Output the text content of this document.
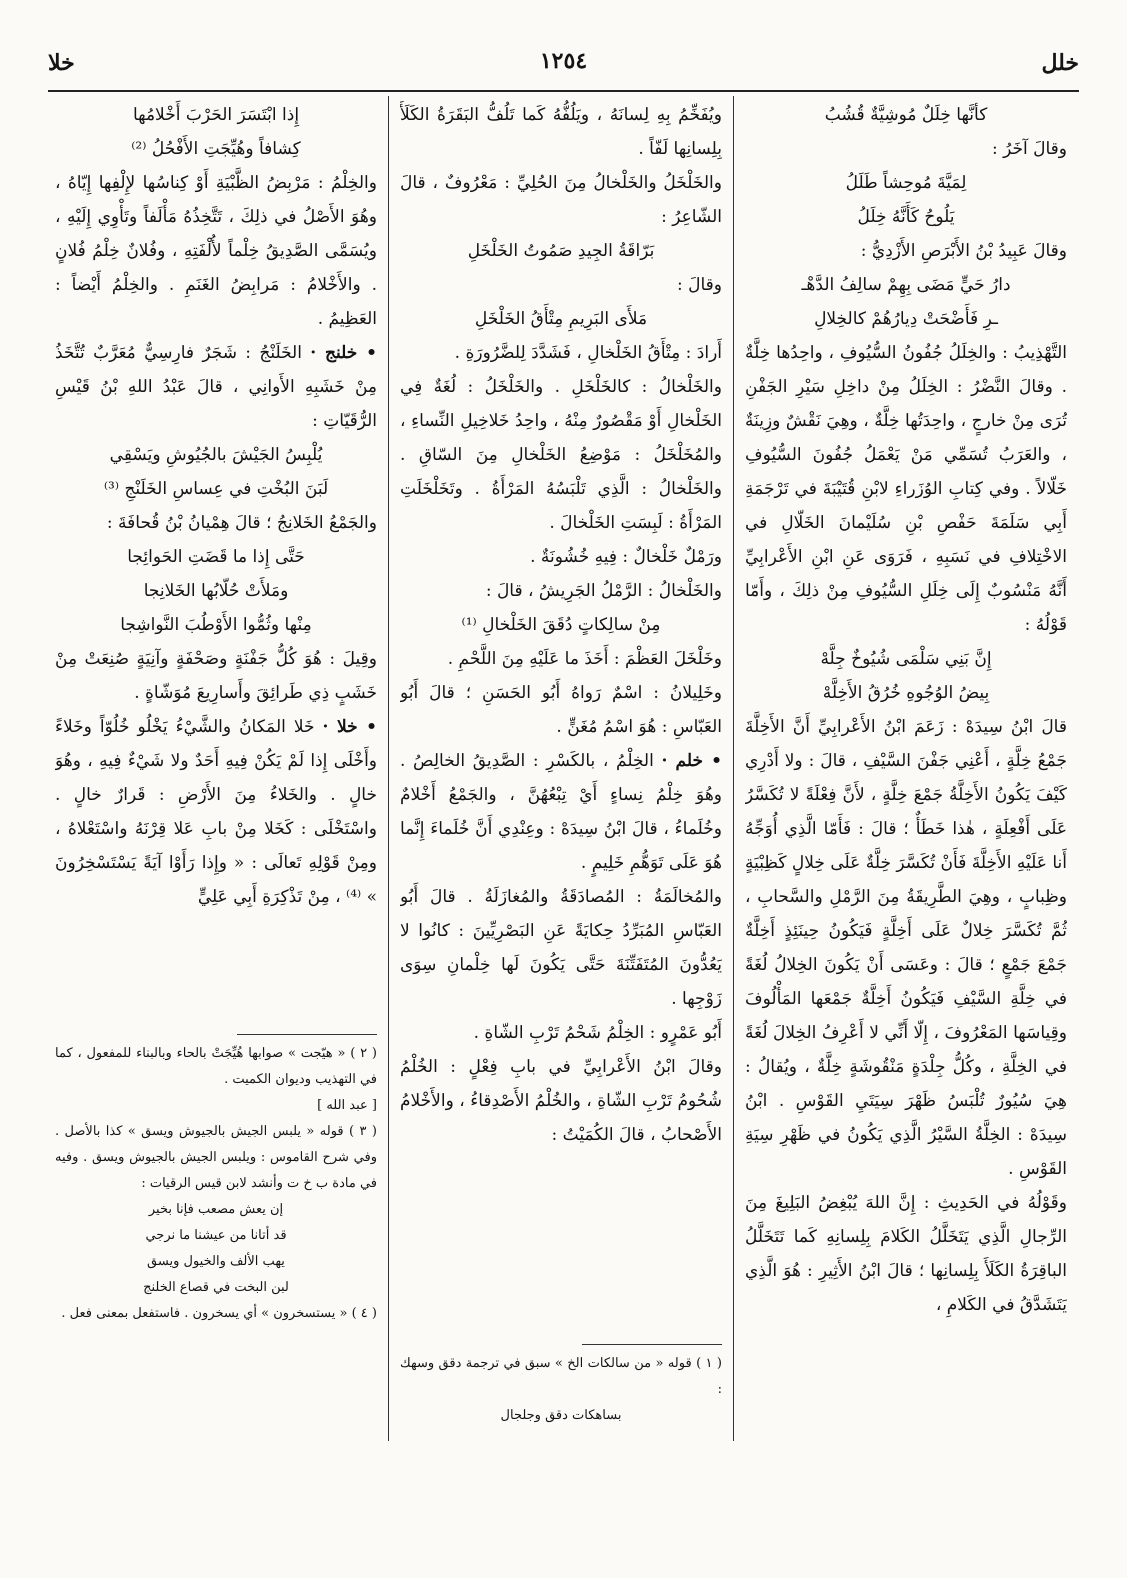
خلل
١٢٥٤
خلا

كأنَّها خِلَلٌ مُوشِيَّةٌ قُشُبُ

وقالَ آخَرُ :

لِمَيَّةَ مُوحِشاً طَلَلُ

يَلُوحُ كَأَنَّهُ خِلَلُ

وقالَ عَبِيدُ بْنُ الأَبْرَصِ الأَزْدِيُّ :

دارُ حَيٍّ مَضَى بِهِمْ سالِفُ الدَّهْـ

ـرِ فَأَضْحَتْ دِيارُهُمْ كالخِلالِ

التَّهْذِيبُ : والخِلَلُ جُفُونُ السُّيُوفِ ، واحِدُها خِلَّةٌ . وقالَ النَّضْرُ : الخِلَلُ مِنْ داخِلِ سَيْرِ الجَفْنِ تُرَى مِنْ خارجٍ ، واحِدَتُها خِلَّةٌ ، وهِيَ نَقْشٌ وزِينَةٌ ، والعَرَبُ تُسَمِّي مَنْ يَعْمَلُ جُفُونَ السُّيُوفِ خَلّالاً . وفي كِتابِ الوُزَراءِ لابْنِ قُتَيْبَةَ في تَرْجَمَةِ أَبِي سَلَمَةَ حَفْصِ بْنِ سُلَيْمانَ الخَلّالِ في الاخْتِلافِ في نَسَبِهِ ، فَرَوَى عَنِ ابْنِ الأَعْرابِيِّ أَنَّهُ مَنْسُوبٌ إِلَى خِلَلِ السُّيُوفِ مِنْ ذلِكَ ، وأَمّا قَوْلُهُ :

إِنَّ بَنِي سَلْمَى شُيُوخٌ جِلَّهْ

بِيضُ الوُجُوهِ خُرُقُ الأَخِلَّهْ

قالَ ابْنُ سِيدَهْ : زَعَمَ ابْنُ الأَعْرابِيِّ أَنَّ الأَخِلَّةَ جَمْعُ خِلَّةٍ ، أَعْنِي جَفْنَ السَّيْفِ ، قالَ : ولا أَدْرِي كَيْفَ يَكُونُ الأَخِلَّةُ جَمْعَ خِلَّةٍ ، لأَنَّ فِعْلَةً لا تُكَسَّرُ عَلَى أَفْعِلَةٍ ، هٰذا خَطَأٌ ؛ قالَ : فَأَمّا الَّذِي أُوَجِّهُ أَنا عَلَيْهِ الأَخِلَّةَ فَأَنْ تُكَسَّرَ خِلَّةٌ عَلَى خِلالٍ كَظِبْيَةٍ وظِبابٍ ، وهِيَ الطَّرِيقَةُ مِنَ الرَّمْلِ والسَّحابِ ، ثُمَّ تُكَسَّرَ خِلالٌ عَلَى أَخِلَّةٍ فَيَكُونُ حِينَئِذٍ أَخِلَّةٌ جَمْعَ جَمْعٍ ؛ قالَ : وعَسَى أَنْ يَكُونَ الخِلالُ لُغَةً في خِلَّةِ السَّيْفِ فَيَكُونُ أَخِلَّةٌ جَمْعَها المَأْلُوفَ وقِياسَها المَعْرُوفَ ، إِلّا أَنِّي لا أَعْرِفُ الخِلالَ لُغَةً في الخِلَّةِ ، وكُلُّ جِلْدَةٍ مَنْقُوشَةٍ خِلَّةٌ ، ويُقالُ : هِيَ سُيُورٌ تُلْبَسُ ظَهْرَ سِيَتَيِ القَوْسِ . ابْنُ سِيدَهْ : الخِلَّةُ السَّيْرُ الَّذِي يَكُونُ في ظَهْرِ سِيَةِ القَوْسِ .

وقَوْلُهُ في الحَدِيثِ : إِنَّ اللهَ يُبْغِضُ البَلِيغَ مِنَ الرِّجالِ الَّذِي يَتَخَلَّلُ الكَلامَ بِلِسانِهِ كَما تَتَخَلَّلُ الباقِرَةُ الكَلَأَ بِلِسانِها ؛ قالَ ابْنُ الأَثِيرِ : هُوَ الَّذِي يَتَشَدَّقُ في الكَلامِ ،

ويُفَخِّمُ بِهِ لِسانَهُ ، ويَلُفُّهُ كَما تَلُفُّ البَقَرَةُ الكَلَأَ بِلِسانِها لَفّاً .

والخَلْخَلُ والخَلْخالُ مِنَ الحُلِيِّ : مَعْرُوفٌ ، قالَ الشّاعِرُ :

بَرّاقَةُ الجِيدِ صَمُوتُ الخَلْخَلِ

وقالَ :

مَلأَى البَرِيمِ مِتْأَقُ الخَلْخَلِ

أَرادَ : مِتْأَقُ الخَلْخالِ ، فَشَدَّدَ لِلضَّرُورَةِ .

والخَلْخالُ : كالخَلْخَلِ . والخَلْخَلُ : لُغَةٌ فِي الخَلْخالِ أَوْ مَقْصُورٌ مِنْهُ ، واحِدُ خَلاخِيلِ النِّساءِ ، والمُخَلْخَلُ : مَوْضِعُ الخَلْخالِ مِنَ السّاقِ . والخَلْخالُ : الَّذِي تَلْبَسُهُ المَرْأَةُ . وتَخَلْخَلَتِ المَرْأَةُ : لَبِسَتِ الخَلْخالَ .

ورَمْلٌ خَلْخالٌ : فِيهِ خُشُونَةٌ .

والخَلْخالُ : الرَّمْلُ الجَرِيشُ ، قالَ :

مِنْ سالِكاتٍ دُقَقَ الخَلْخالِ ⁽¹⁾

وخَلْخَلَ العَظْمَ : أَخَذَ ما عَلَيْهِ مِنَ اللَّحْمِ .

وخَلِيلانُ : اسْمٌ رَواهُ أَبُو الحَسَنِ ؛ قالَ أَبُو العَبّاسِ : هُوَ اسْمُ مُغَنٍّ .

• خلم · الخِلْمُ ، بالكَسْرِ : الصَّدِيقُ الخالِصُ . وهُوَ خِلْمُ نِساءٍ أَيْ تِبْعُهُنَّ ، والجَمْعُ أَخْلامٌ وخُلَماءُ ، قالَ ابْنُ سِيدَهْ : وعِنْدِي أَنَّ خُلَماءَ إِنَّما هُوَ عَلَى تَوَهُّمِ خَلِيمٍ .

والمُخالَمَةُ : المُصادَقَةُ والمُغازَلَةُ . قالَ أَبُو العَبّاسِ المُبَرِّدُ حِكايَةً عَنِ البَصْرِيِّينَ : كانُوا لا يَعُدُّونَ المُتَفَتِّنَةَ حَتَّى يَكُونَ لَها خِلْمانِ سِوَى زَوْجِها .

أَبُو عَمْرٍو : الخِلْمُ شَحْمُ تَرْبِ الشّاةِ .

وقالَ ابْنُ الأَعْرابِيِّ في بابِ فِعْلٍ : الخُلْمُ شُحُومُ تَرْبِ الشّاةِ ، والخُلْمُ الأَصْدِقاءُ ، والأَخْلامُ الأَصْحابُ ، قالَ الكُمَيْتُ :

( ١ ) قوله « من سالكات الخ » سبق في ترجمة دقق وسهك :

بساهكات دقق وجلجال

إِذا ابْتَسَرَ الحَرْبَ أَخْلامُها

كِشافاً وهُيِّجَتِ الأَفْحُلُ ⁽²⁾

والخِلْمُ : مَرْبِضُ الظَّبْيَةِ أَوْ كِناسُها لإِلْفِها إِيّاهُ ، وهُوَ الأَصْلُ في ذلِكَ ، تَتَّخِذُهُ مَأْلَفاً وتَأْوِي إِلَيْهِ ، ويُسَمَّى الصَّدِيقُ خِلْماً لأُلْفَتِهِ ، وفُلانٌ خِلْمُ فُلانٍ . والأَخْلامُ : مَرابِضُ الغَنَمِ . والخِلْمُ أَيْضاً : العَظِيمُ .

• خلنج · الخَلَنْجُ : شَجَرٌ فارِسِيٌّ مُعَرَّبٌ تُتَّخَذُ مِنْ خَشَبِهِ الأَوانِي ، قالَ عَبْدُ اللهِ بْنُ قَيْسِ الرُّقَيّاتِ :

يُلْبِسُ الجَيْشَ بالجُيُوشِ ويَسْقِي

لَبَنَ البُخْتِ في عِساسِ الخَلَنْجِ ⁽³⁾

والجَمْعُ الخَلانِجُ ؛ قالَ هِمْيانُ بْنُ قُحافَةَ :

حَتَّى إِذا ما قَضَتِ الحَوائِجا

ومَلأَتْ حُلّابُها الخَلانِجا

مِنْها وثُمُّوا الأَوْطُبَ النَّواشِجا

وقِيلَ : هُوَ كُلُّ جَفْنَةٍ وصَحْفَةٍ وآنِيَةٍ صُنِعَتْ مِنْ خَشَبٍ ذِي طَرائِقَ وأَسارِيعَ مُوَشّاةٍ .

• خلا · خَلا المَكانُ والشَّيْءُ يَخْلُو خُلُوّاً وخَلاءً وأَخْلَى إِذا لَمْ يَكُنْ فِيهِ أَحَدٌ ولا شَيْءٌ فِيهِ ، وهُوَ خالٍ . والخَلاءُ مِنَ الأَرْضِ : قَرارٌ خالٍ . واسْتَخْلَى : كَخَلا مِنْ بابِ عَلا قِرْنَهُ واسْتَعْلاهُ ، ومِنْ قَوْلِهِ تَعالَى : « وإِذا رَأَوْا آيَةً يَسْتَسْخِرُونَ » ⁽⁴⁾ ، مِنْ تَذْكِرَةِ أَبِي عَلِيٍّ

( ٢ ) « هيّجت » صوابها هُيِّجَتْ بالحاء وبالبناء للمفعول ، كما في التهذيب وديوان الكميت .

[ عبد الله ]

( ٣ ) قوله « يلبس الجيش بالجيوش ويسق » كذا بالأصل . وفي شرح القاموس : ويلبس الجيش بالجيوش ويسق . وفيه في مادة ب خ ت وأنشد لابن قيس الرقيات :

إن يعش مصعب فإنا بخير

قد أتانا من عيشنا ما نرجي

يهب الألف والخيول ويسق

لبن البخت في قصاع الخلنج

( ٤ ) « يستسخرون » أي يسخرون . فاستفعل بمعنى فعل .
